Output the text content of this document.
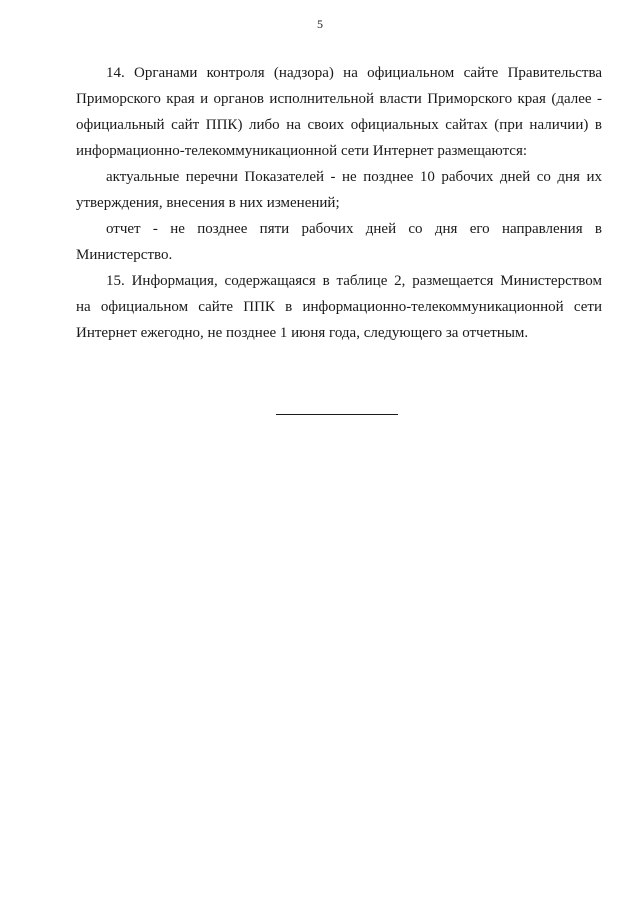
5
14. Органами контроля (надзора) на официальном сайте Правительства
Приморского края и органов исполнительной власти Приморского края (далее -
официальный сайт ППК) либо на своих официальных сайтах (при наличии) в
информационно-телекоммуникационной сети Интернет размещаются:
актуальные перечни Показателей - не позднее 10 рабочих дней со дня их
утверждения, внесения в них изменений;
отчет - не позднее пяти рабочих дней со дня его направления в
Министерство.
15. Информация, содержащаяся в таблице 2, размещается Министерством
на официальном сайте ППК в информационно-телекоммуникационной сети
Интернет ежегодно, не позднее 1 июня года, следующего за отчетным.
